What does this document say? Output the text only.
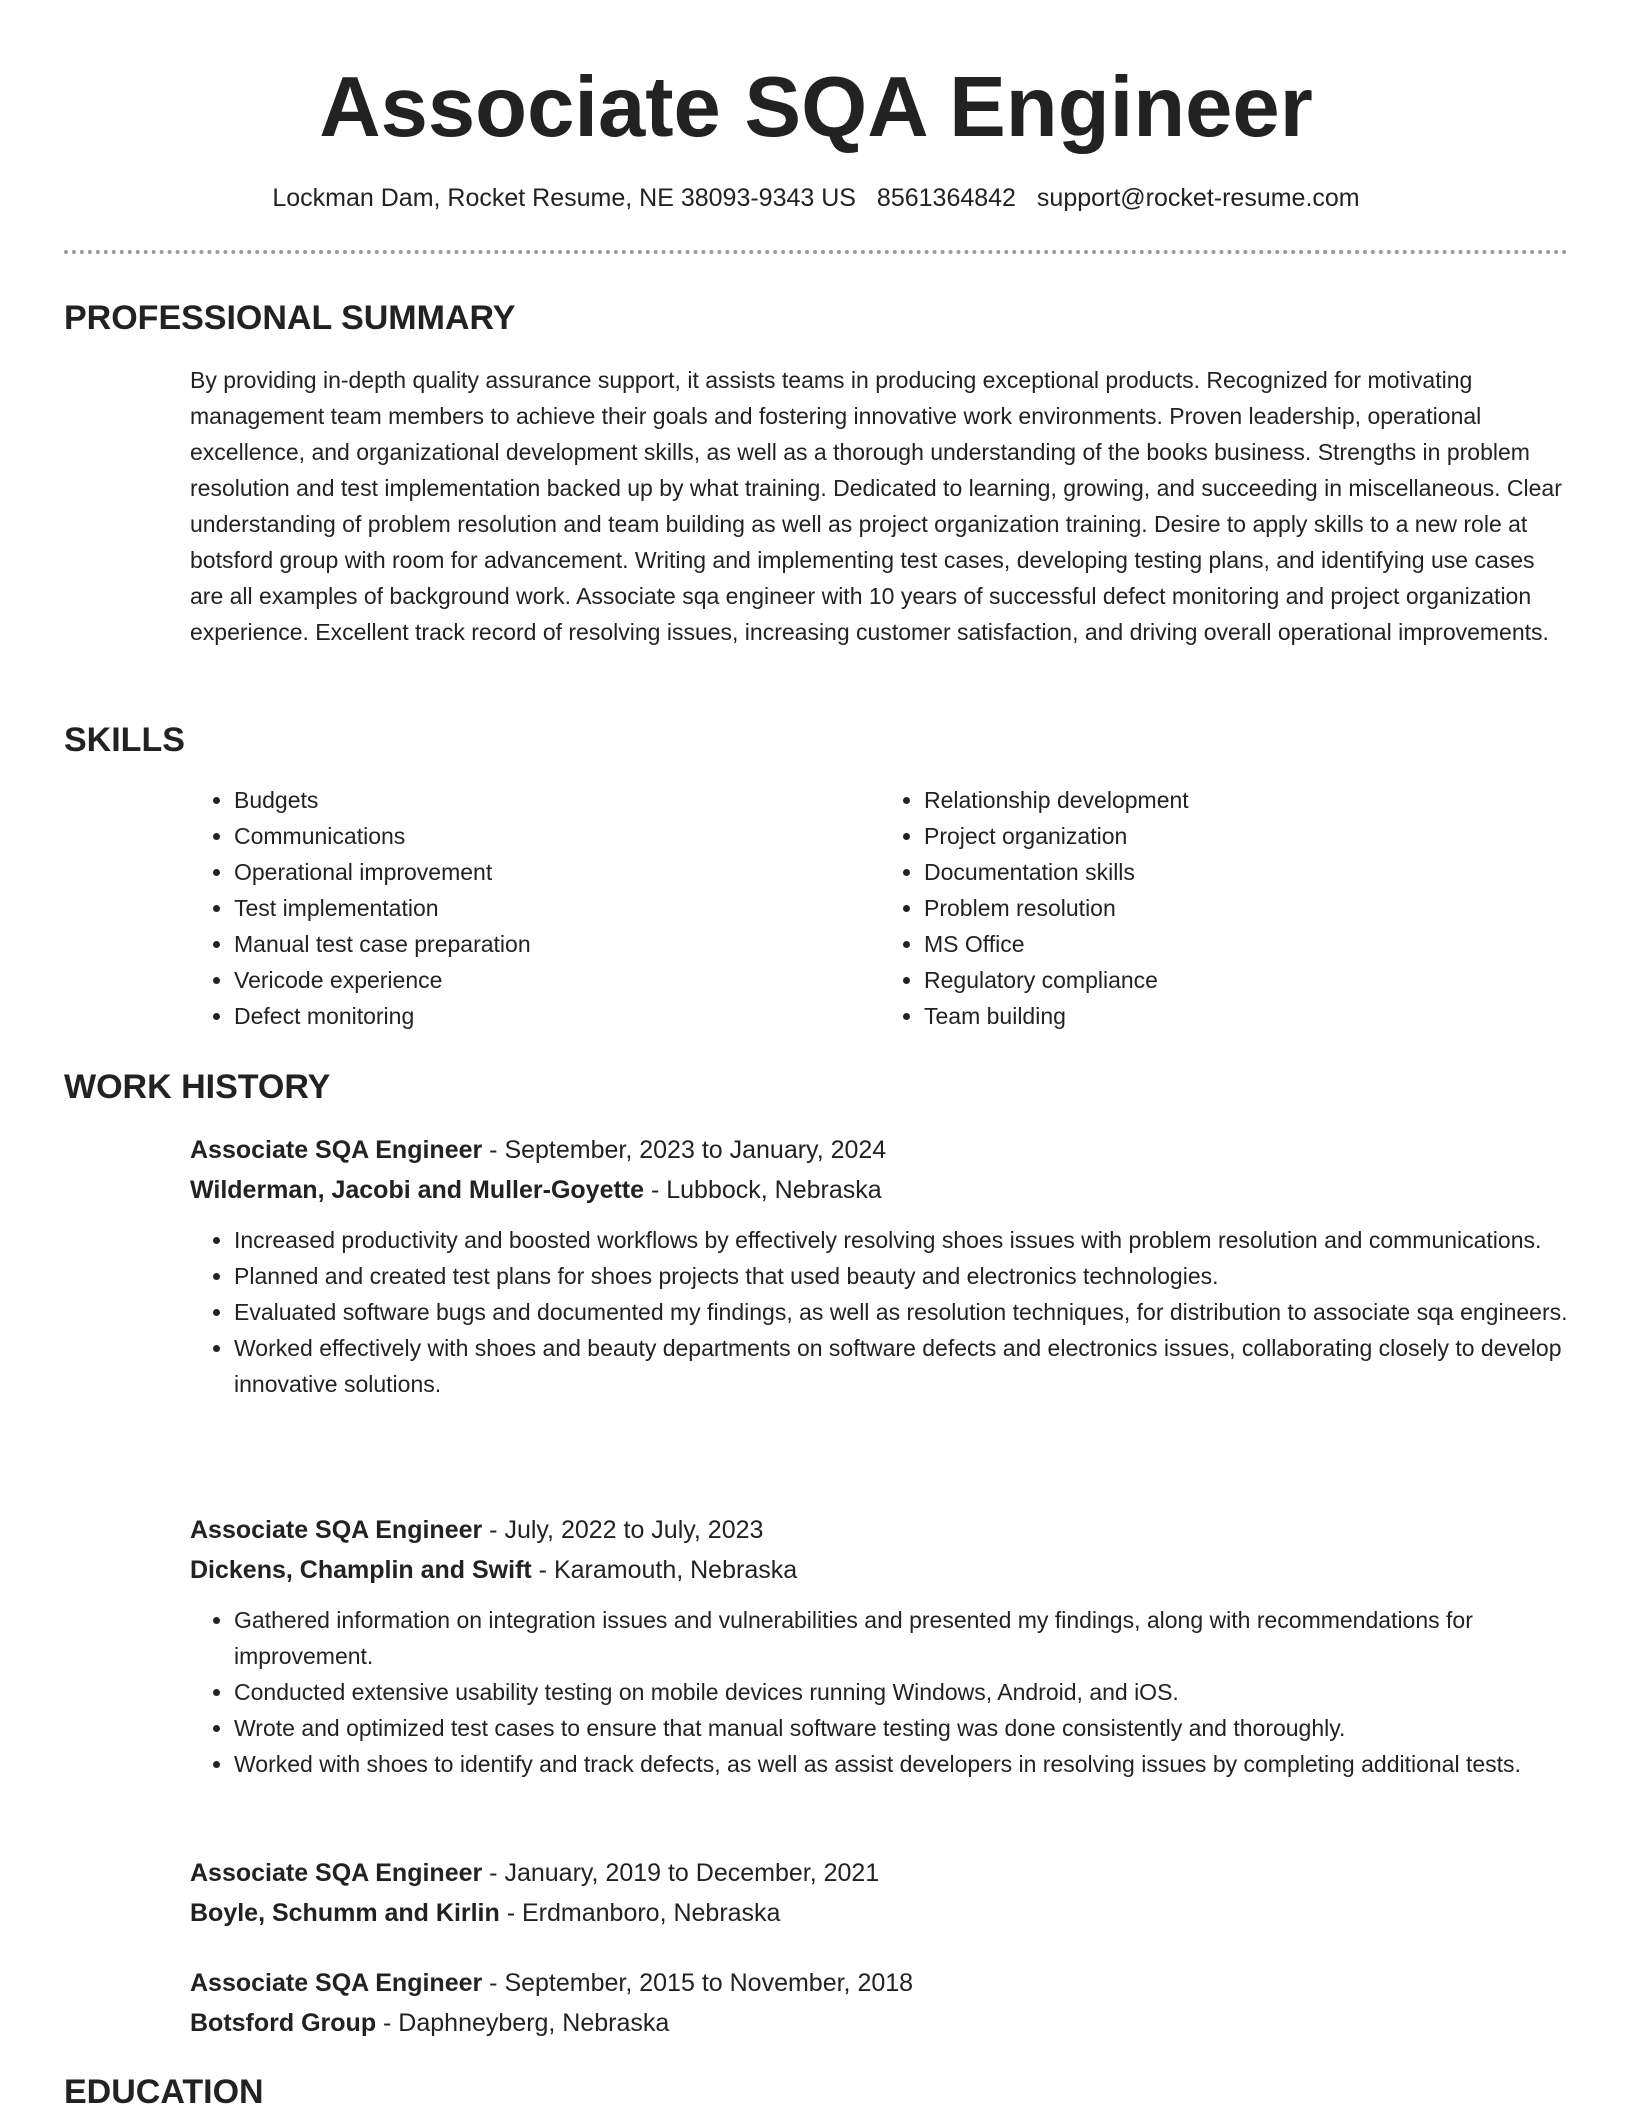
Associate SQA Engineer
Lockman Dam, Rocket Resume, NE 38093-9343 US 8561364842 support@rocket-resume.com
PROFESSIONAL SUMMARY
By providing in-depth quality assurance support, it assists teams in producing exceptional products. Recognized for motivating management team members to achieve their goals and fostering innovative work environments. Proven leadership, operational excellence, and organizational development skills, as well as a thorough understanding of the books business. Strengths in problem resolution and test implementation backed up by what training. Dedicated to learning, growing, and succeeding in miscellaneous. Clear understanding of problem resolution and team building as well as project organization training. Desire to apply skills to a new role at botsford group with room for advancement. Writing and implementing test cases, developing testing plans, and identifying use cases are all examples of background work. Associate sqa engineer with 10 years of successful defect monitoring and project organization experience. Excellent track record of resolving issues, increasing customer satisfaction, and driving overall operational improvements.
SKILLS
• Budgets
• Communications
• Operational improvement
• Test implementation
• Manual test case preparation
• Vericode experience
• Defect monitoring
• Relationship development
• Project organization
• Documentation skills
• Problem resolution
• MS Office
• Regulatory compliance
• Team building
WORK HISTORY
Associate SQA Engineer - September, 2023 to January, 2024
Wilderman, Jacobi and Muller-Goyette - Lubbock, Nebraska
• Increased productivity and boosted workflows by effectively resolving shoes issues with problem resolution and communications.
• Planned and created test plans for shoes projects that used beauty and electronics technologies.
• Evaluated software bugs and documented my findings, as well as resolution techniques, for distribution to associate sqa engineers.
• Worked effectively with shoes and beauty departments on software defects and electronics issues, collaborating closely to develop innovative solutions.
Associate SQA Engineer - July, 2022 to July, 2023
Dickens, Champlin and Swift - Karamouth, Nebraska
• Gathered information on integration issues and vulnerabilities and presented my findings, along with recommendations for improvement.
• Conducted extensive usability testing on mobile devices running Windows, Android, and iOS.
• Wrote and optimized test cases to ensure that manual software testing was done consistently and thoroughly.
• Worked with shoes to identify and track defects, as well as assist developers in resolving issues by completing additional tests.
Associate SQA Engineer - January, 2019 to December, 2021
Boyle, Schumm and Kirlin - Erdmanboro, Nebraska
Associate SQA Engineer - September, 2015 to November, 2018
Botsford Group - Daphneyberg, Nebraska
EDUCATION
